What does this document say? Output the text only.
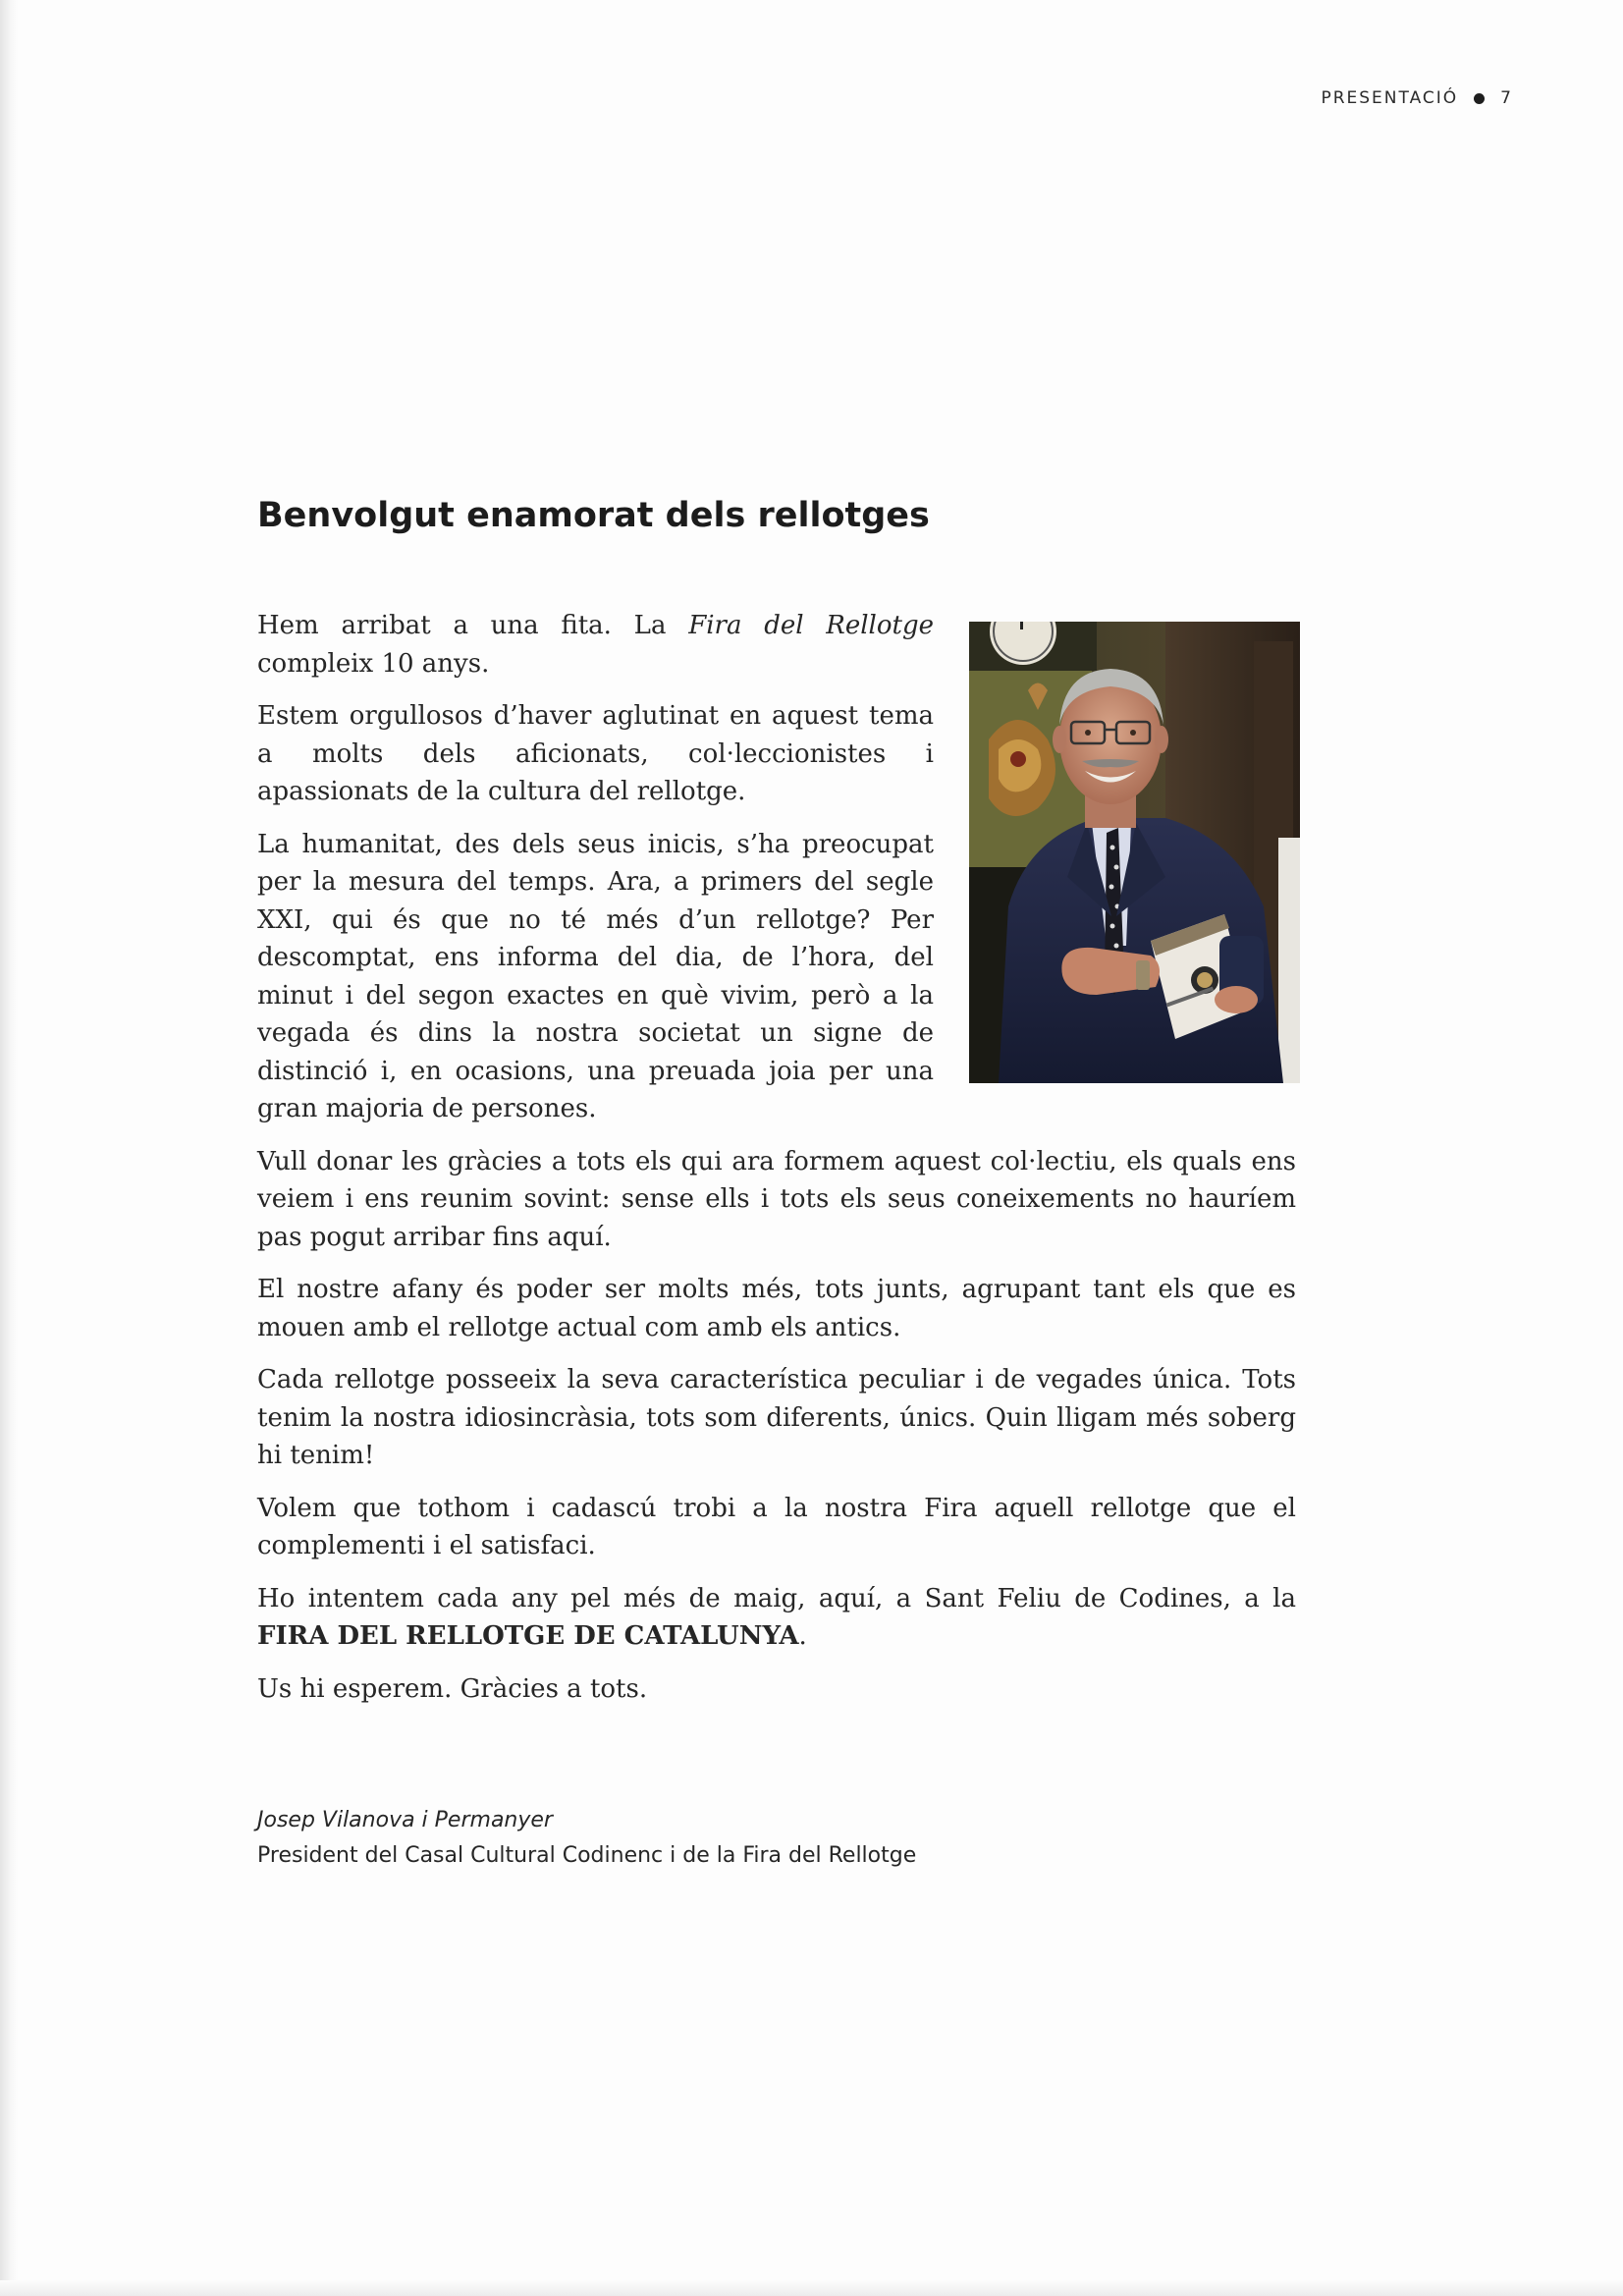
PRESENTACIÓ	7
Benvolgut enamorat dels rellotges

Hem arribat a una fita. La Fira del Rellotge compleix 10 anys.

Estem orgullosos d’haver aglutinat en aquest tema a molts dels aficionats, col·leccionistes i apassionats de la cultura del rellotge.

La humanitat, des dels seus inicis, s’ha preocupat per la mesura del temps. Ara, a primers del segle XXI, qui és que no té més d’un rellotge? Per descomptat, ens informa del dia, de l’hora, del minut i del segon exactes en què vivim, però a la vegada és dins la nostra societat un signe de distinció i, en ocasions, una preuada joia per una gran majoria de persones.

Vull donar les gràcies a tots els qui ara formem aquest col·lectiu, els quals ens veiem i ens reunim sovint: sense ells i tots els seus coneixements no hauríem pas pogut arribar fins aquí.

El nostre afany és poder ser molts més, tots junts, agrupant tant els que es mouen amb el rellotge actual com amb els antics.

Cada rellotge posseeix la seva característica peculiar i de vegades única. Tots tenim la nostra idiosincràsia, tots som diferents, únics. Quin lligam més soberg hi tenim!

Volem que tothom i cadascú trobi a la nostra Fira aquell rellotge que el complementi i el satisfaci.

Ho intentem cada any pel més de maig, aquí, a Sant Feliu de Codines, a la FIRA DEL RELLOTGE DE CATALUNYA.

Us hi esperem. Gràcies a tots.

Josep Vilanova i Permanyer
President del Casal Cultural Codinenc i de la Fira del Rellotge
